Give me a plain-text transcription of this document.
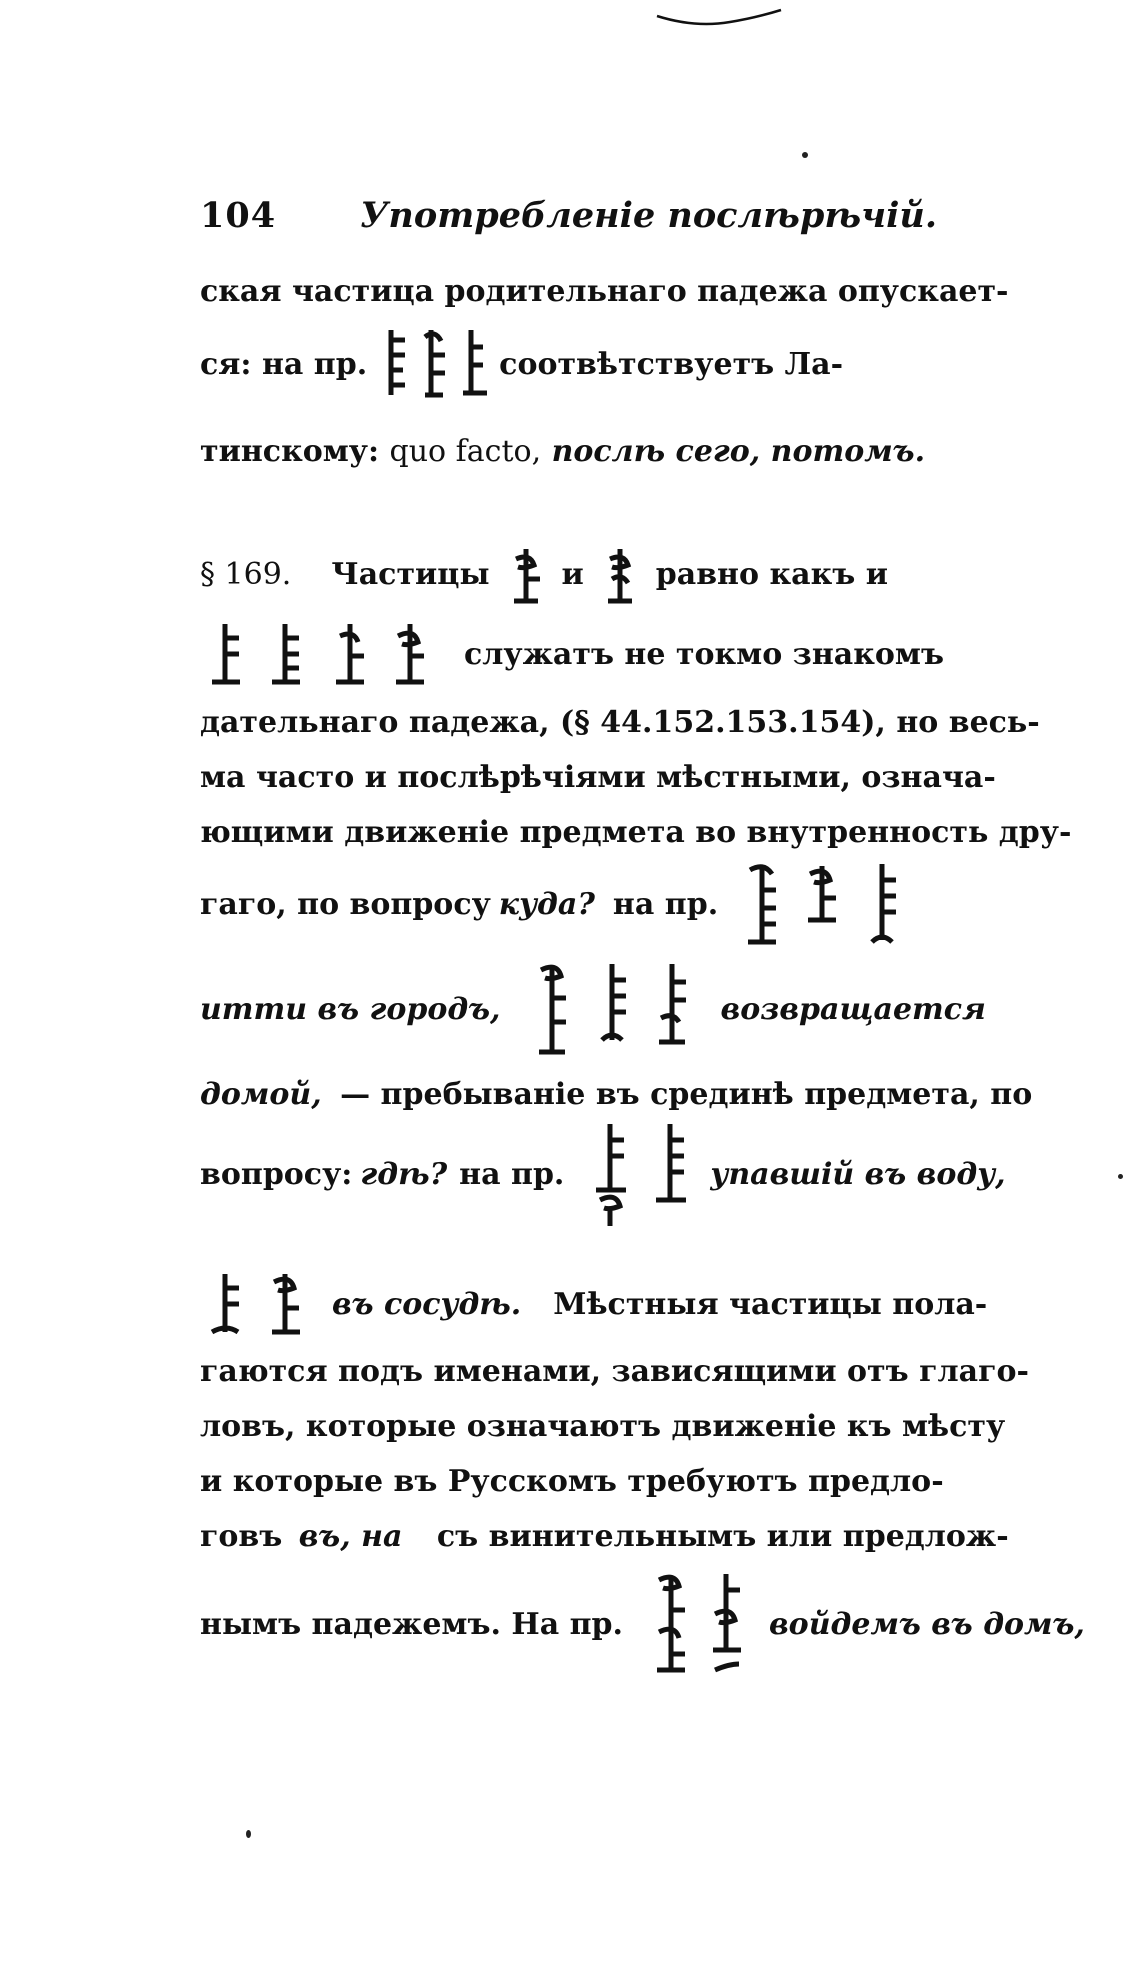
104	Употребленіе послѣрѣчій.
ская частица родительнаго падежа опускает-
ся: на пр.	соотвѣтствуетъ Ла-
тинскому: quo facto, послѣ сего, потомъ.
§ 169. Частицы и равно какъ и
служатъ не токмо знакомъ
дательнаго падежа, (§ 44.152.153.154), но весь-
ма часто и послѣрѣчіями мѣстными, означа-
ющими движеніе предмета во внутренность дру-
гаго, по вопросу куда? на пр.
итти въ городъ,	возвращается
домой, — пребываніе въ срединѣ предмета, по
вопросу: гдѣ? на пр.	упавшій въ воду,
въ сосудѣ. Мѣстныя частицы пола-
гаются подъ именами, зависящими отъ глаго-
ловъ, которые означаютъ движеніе къ мѣсту
и которые въ Русскомъ требуютъ предло-
говъ въ, на съ винительнымъ или предлож-
нымъ падежемъ. На пр.	войдемъ въ домъ,
